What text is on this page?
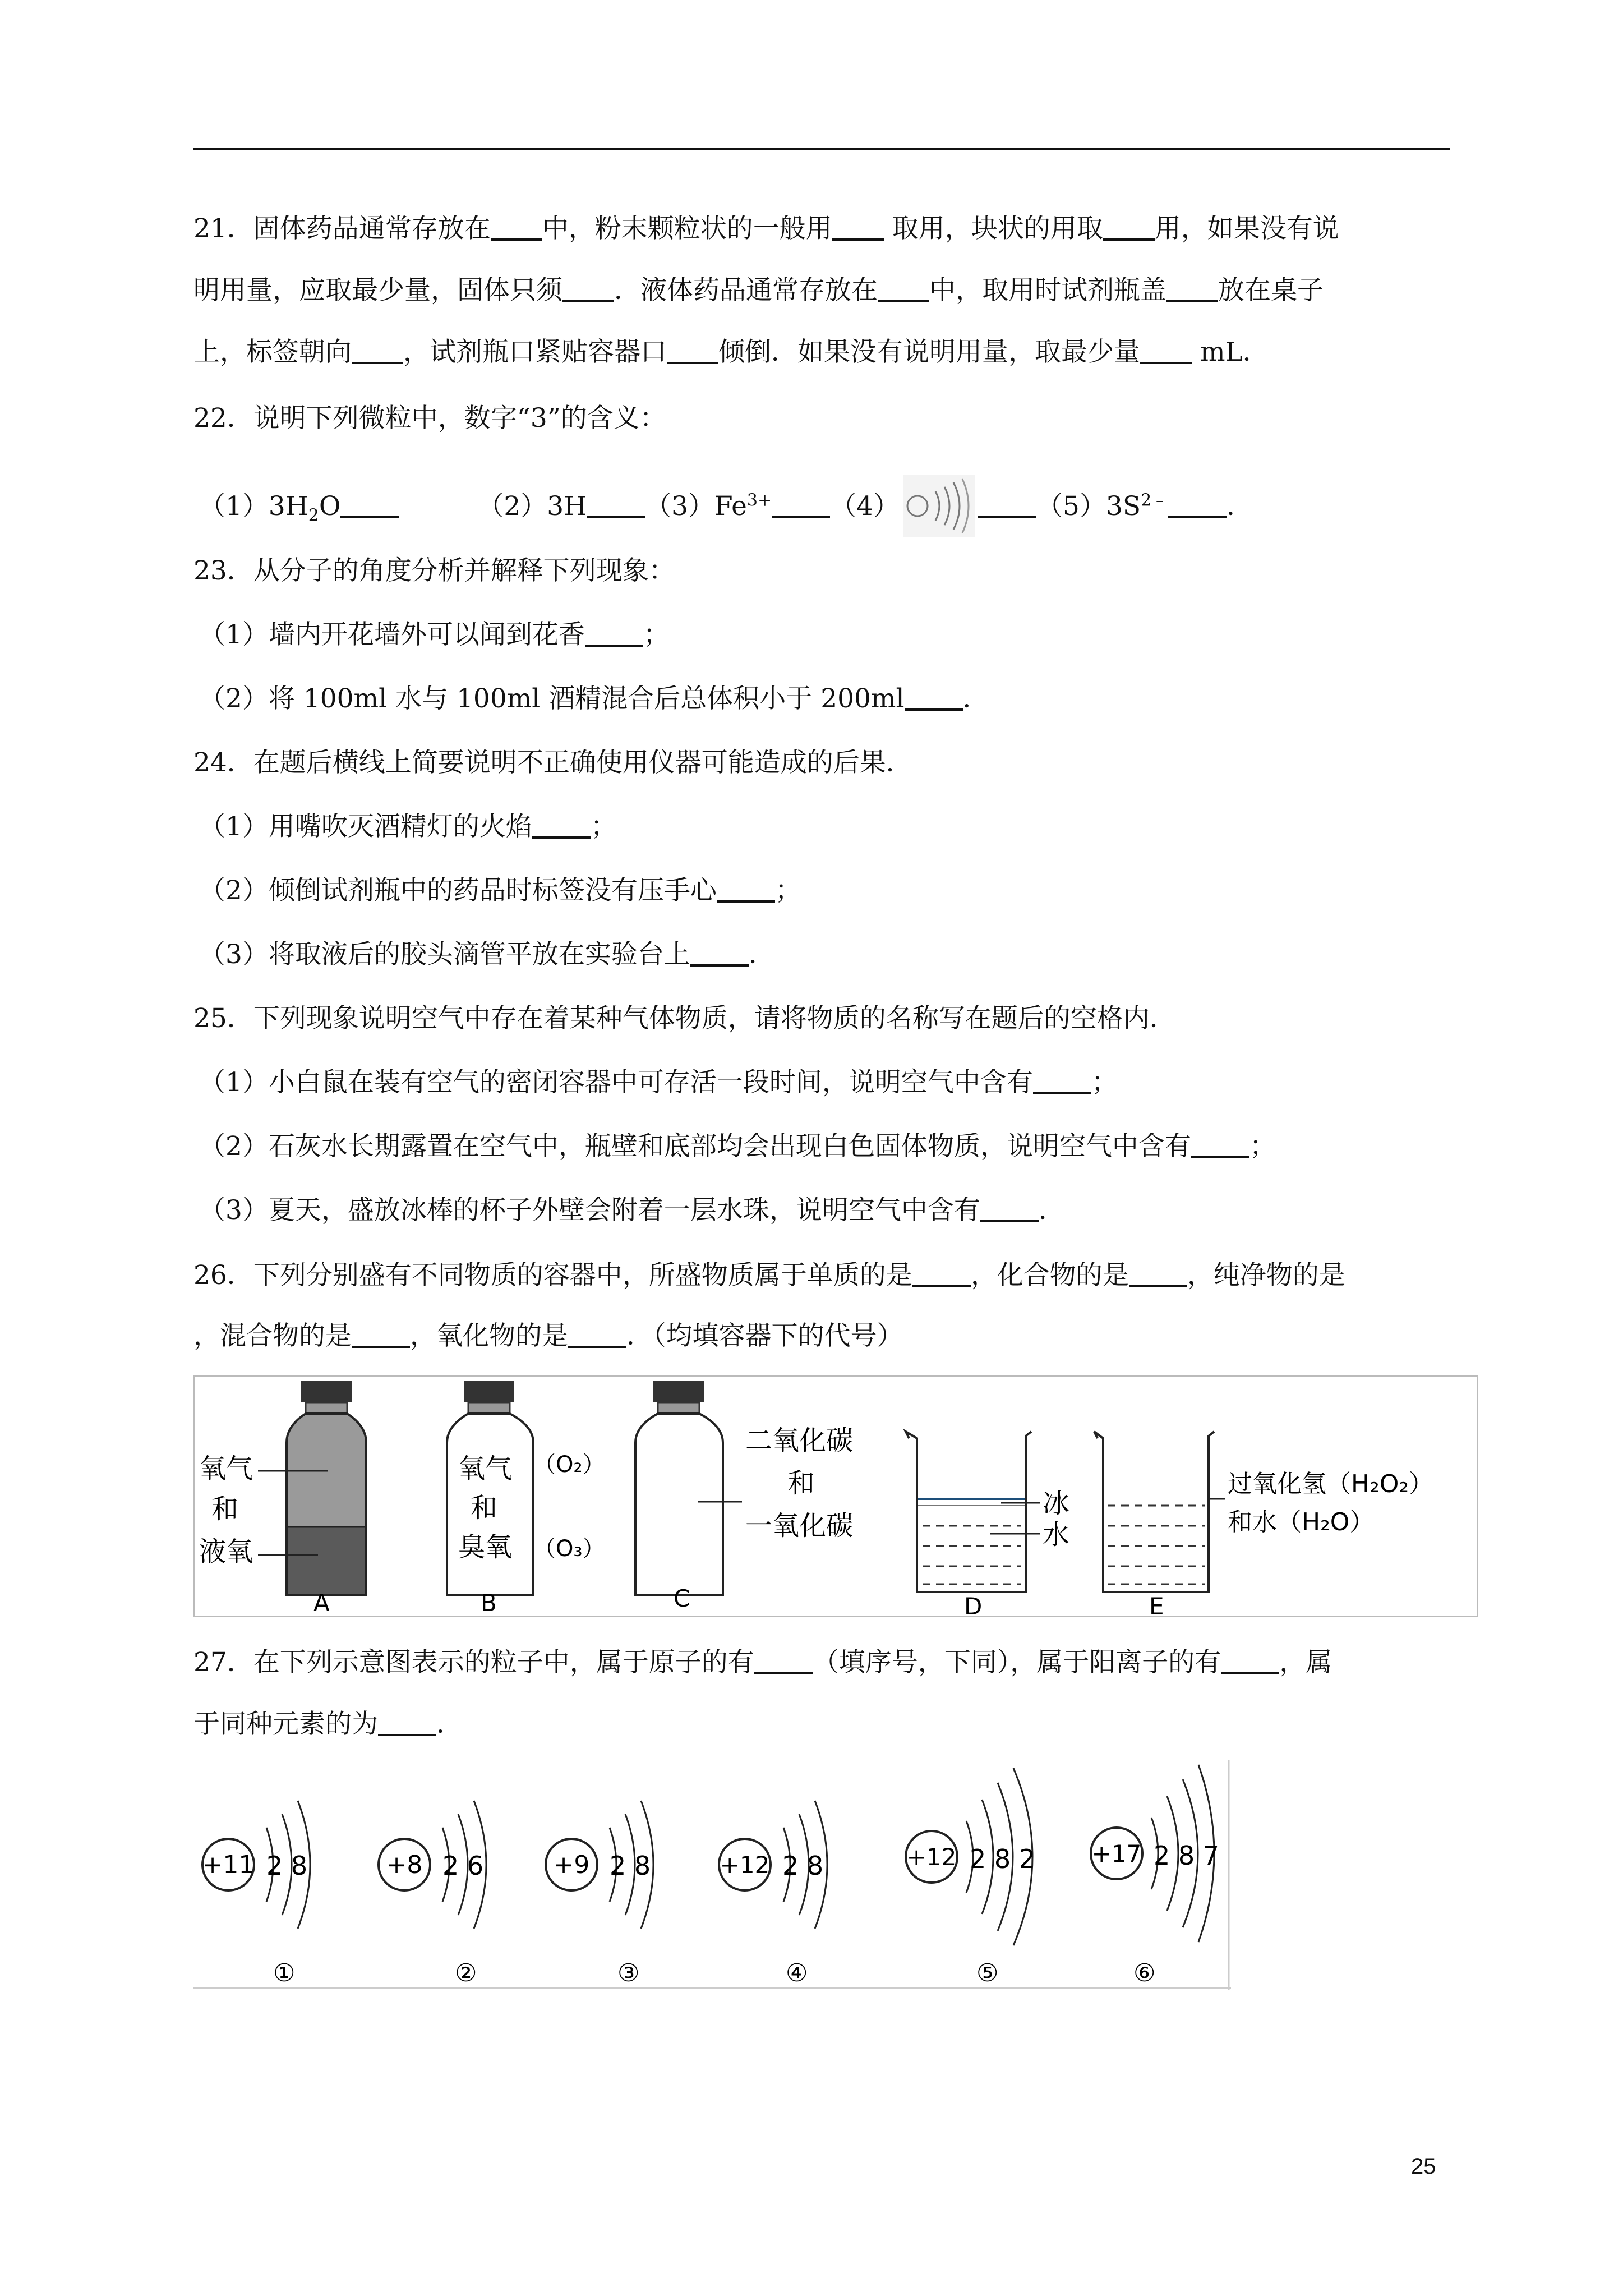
21．固体药品通常存放在 中，粉末颗粒状的一般用 取用，块状的用取 用，如果没有说
明用量，应取最少量，固体只须 ．液体药品通常存放在 中，取用时试剂瓶盖 放在桌子
上，标签朝向 ，试剂瓶口紧贴容器口 倾倒．如果没有说明用量，取最少量 mL．
22．说明下列微粒中，数字“3”的含义：
$(1)3H_2O$	（2）3H $(3)Fe^{3+}$ （4）	$(5)3S^{2﹣}$ ．
23．从分子的角度分析并解释下列现象：
（1）墙内开花墙外可以闻到花香 ；
（2）将 100ml 水与 100ml 酒精混合后总体积小于 200ml ．
24．在题后横线上简要说明不正确使用仪器可能造成的后果．
（1）用嘴吹灭酒精灯的火焰 ；
（2）倾倒试剂瓶中的药品时标签没有压手心 ；
（3）将取液后的胶头滴管平放在实验台上 ．
25．下列现象说明空气中存在着某种气体物质，请将物质的名称写在题后的空格内．
（1）小白鼠在装有空气的密闭容器中可存活一段时间，说明空气中含有 ；
（2）石灰水长期露置在空气中，瓶壁和底部均会出现白色固体物质，说明空气中含有 ；
（3）夏天，盛放冰棒的杯子外壁会附着一层水珠，说明空气中含有 ．
26．下列分别盛有不同物质的容器中，所盛物质属于单质的是 ，化合物的是 ，纯净物的是
，混合物的是 ，氧化物的是 ．（均填容器下的代号）
氧气
和
液氧
A
氧气
和
臭氧
（O₂）
（O₃）
B
二氧化碳
和
一氧化碳
C
冰
水
D
过氧化氢（H₂O₂）
和水（H₂O）
E
27．在下列示意图表示的粒子中，属于原子的有 （填序号，下同），属于阳离子的有 ，属
于同种元素的为 ．
+11 2 8
①
+8 2 6
②
+9 2 8
③
+12 2 8
④
+12 2 8 2
⑤
+17 2 8 7
⑥
25
